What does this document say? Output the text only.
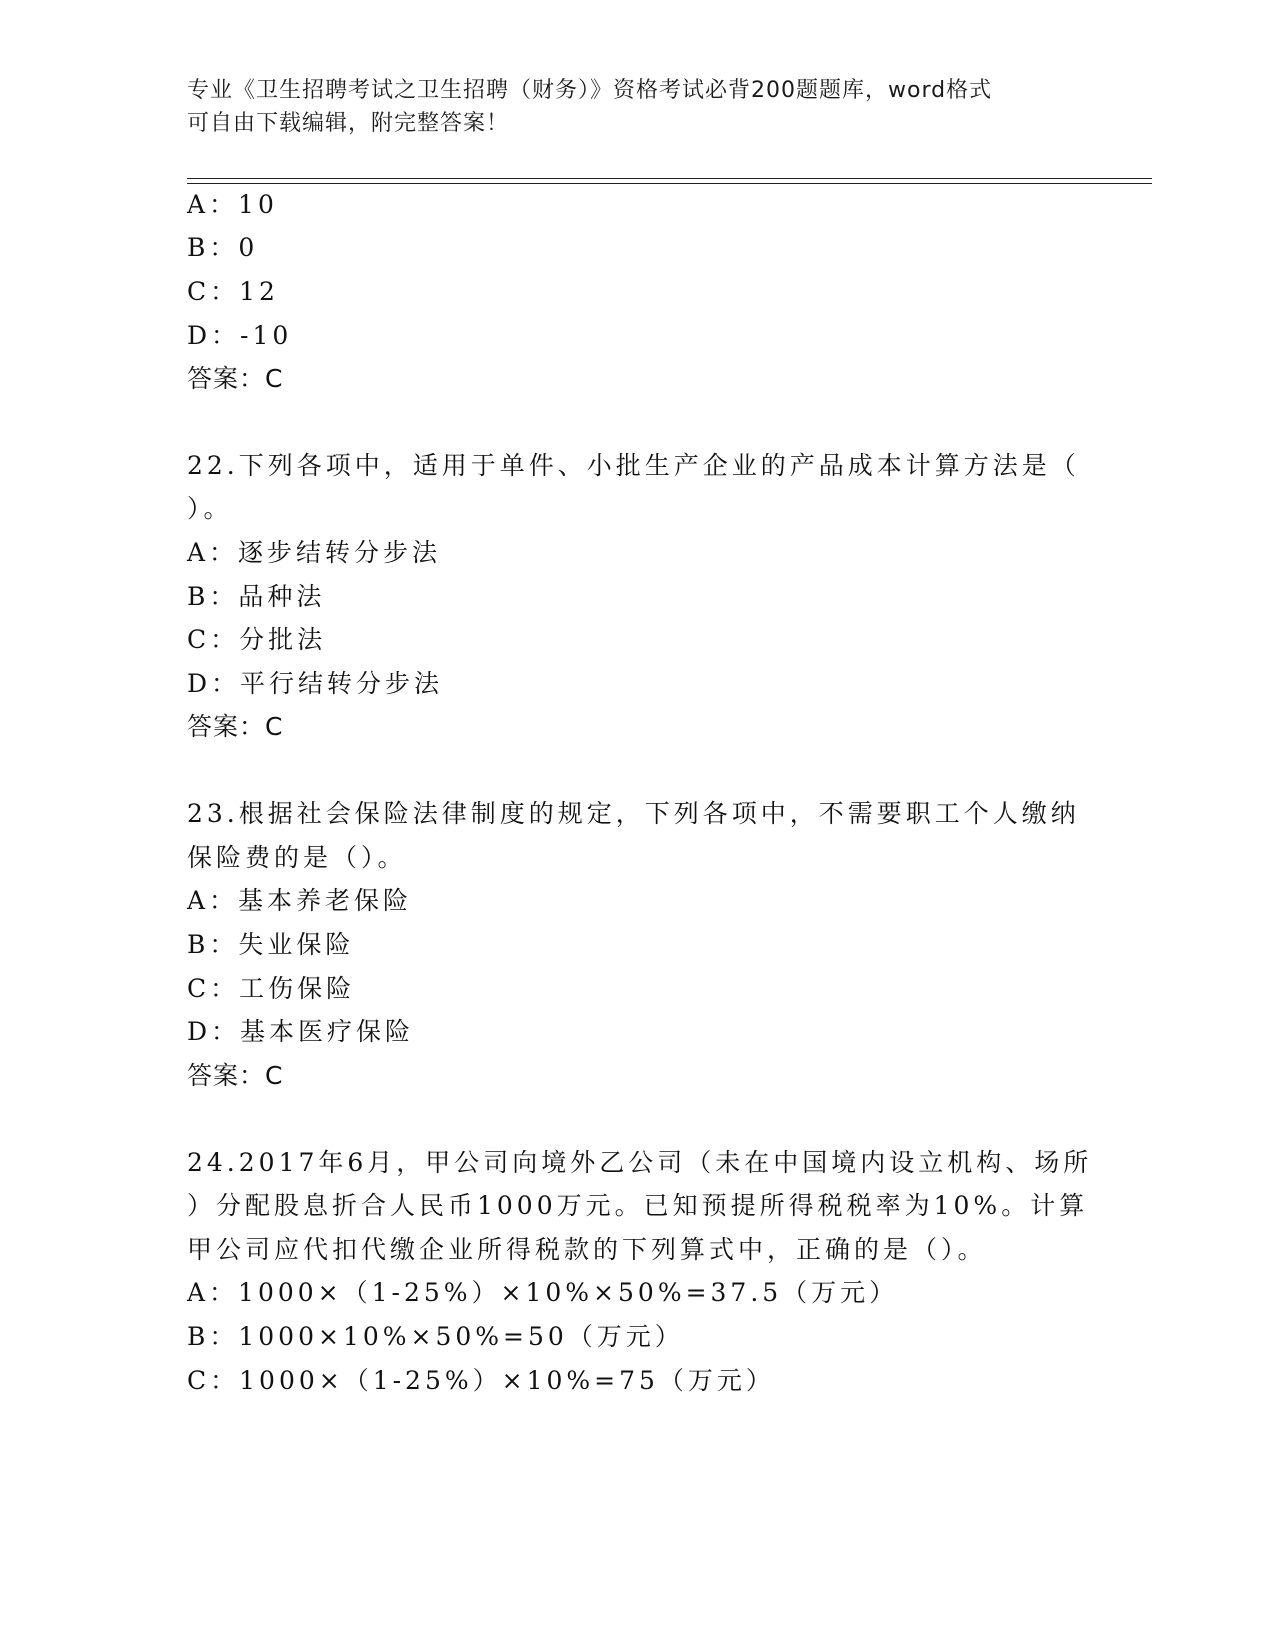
专业《卫生招聘考试之卫生招聘（财务）》资格考试必背200题题库，word格式
可自由下载编辑，附完整答案！
A：10
B：0
C：12
D：-10
答案：C
22.下列各项中，适用于单件、小批生产企业的产品成本计算方法是（
）。
A：逐步结转分步法
B：品种法
C：分批法
D：平行结转分步法
答案：C
23.根据社会保险法律制度的规定，下列各项中，不需要职工个人缴纳
保险费的是（）。
A：基本养老保险
B：失业保险
C：工伤保险
D：基本医疗保险
答案：C
24.2017年6月，甲公司向境外乙公司（未在中国境内设立机构、场所
）分配股息折合人民币1000万元。已知预提所得税税率为10%。计算
甲公司应代扣代缴企业所得税款的下列算式中，正确的是（）。
A：1000×（1-25%）×10%×50%=37.5（万元）
B：1000×10%×50%=50（万元）
C：1000×（1-25%）×10%=75（万元）
